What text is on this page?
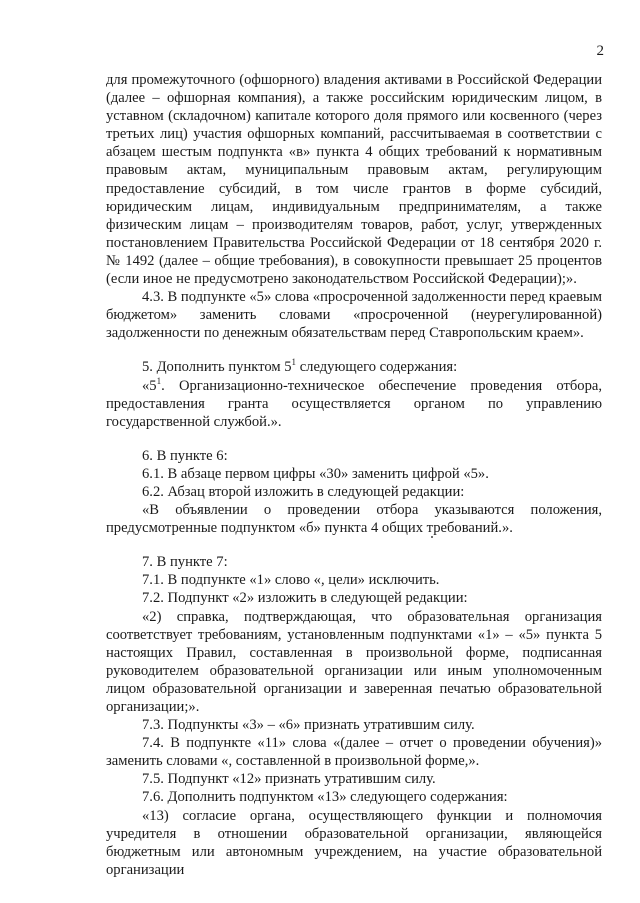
2

для промежуточного (офшорного) владения активами в Российской Федерации (далее – офшорная компания), а также российским юридическим лицом, в уставном (складочном) капитале которого доля прямого или косвенного (через третьих лиц) участия офшорных компаний, рассчитываемая в соответствии с абзацем шестым подпункта «в» пункта 4 общих требований к нормативным правовым актам, муниципальным правовым актам, регулирующим предоставление субсидий, в том числе грантов в форме субсидий, юридическим лицам, индивидуальным предпринимателям, а также физическим лицам – производителям товаров, работ, услуг, утвержденных постановлением Правительства Российской Федерации от 18 сентября 2020 г. № 1492 (далее – общие требования), в совокупности превышает 25 процентов (если иное не предусмотрено законодательством Российской Федерации);».

4.3. В подпункте «5» слова «просроченной задолженности перед краевым бюджетом» заменить словами «просроченной (неурегулированной) задолженности по денежным обязательствам перед Ставропольским краем».

5. Дополнить пунктом $5^1$ следующего содержания:

«$5^1$. Организационно-техническое обеспечение проведения отбора, предоставления гранта осуществляется органом по управлению государственной службой.».

6. В пункте 6:

6.1. В абзаце первом цифры «30» заменить цифрой «5».

6.2. Абзац второй изложить в следующей редакции:

«В объявлении о проведении отбора указываются положения, предусмотренные подпунктом «б» пункта 4 общих требований.».

7. В пункте 7:

7.1. В подпункте «1» слово «, цели» исключить.

7.2. Подпункт «2» изложить в следующей редакции:

«2) справка, подтверждающая, что образовательная организация соответствует требованиям, установленным подпунктами «1» – «5» пункта 5 настоящих Правил, составленная в произвольной форме, подписанная руководителем образовательной организации или иным уполномоченным лицом образовательной организации и заверенная печатью образовательной организации;».

7.3. Подпункты «3» – «6» признать утратившим силу.

7.4. В подпункте «11» слова «(далее – отчет о проведении обучения)» заменить словами «, составленной в произвольной форме,».

7.5. Подпункт «12» признать утратившим силу.

7.6. Дополнить подпунктом «13» следующего содержания:

«13) согласие органа, осуществляющего функции и полномочия учредителя в отношении образовательной организации, являющейся бюджетным или автономным учреждением, на участие образовательной организации
